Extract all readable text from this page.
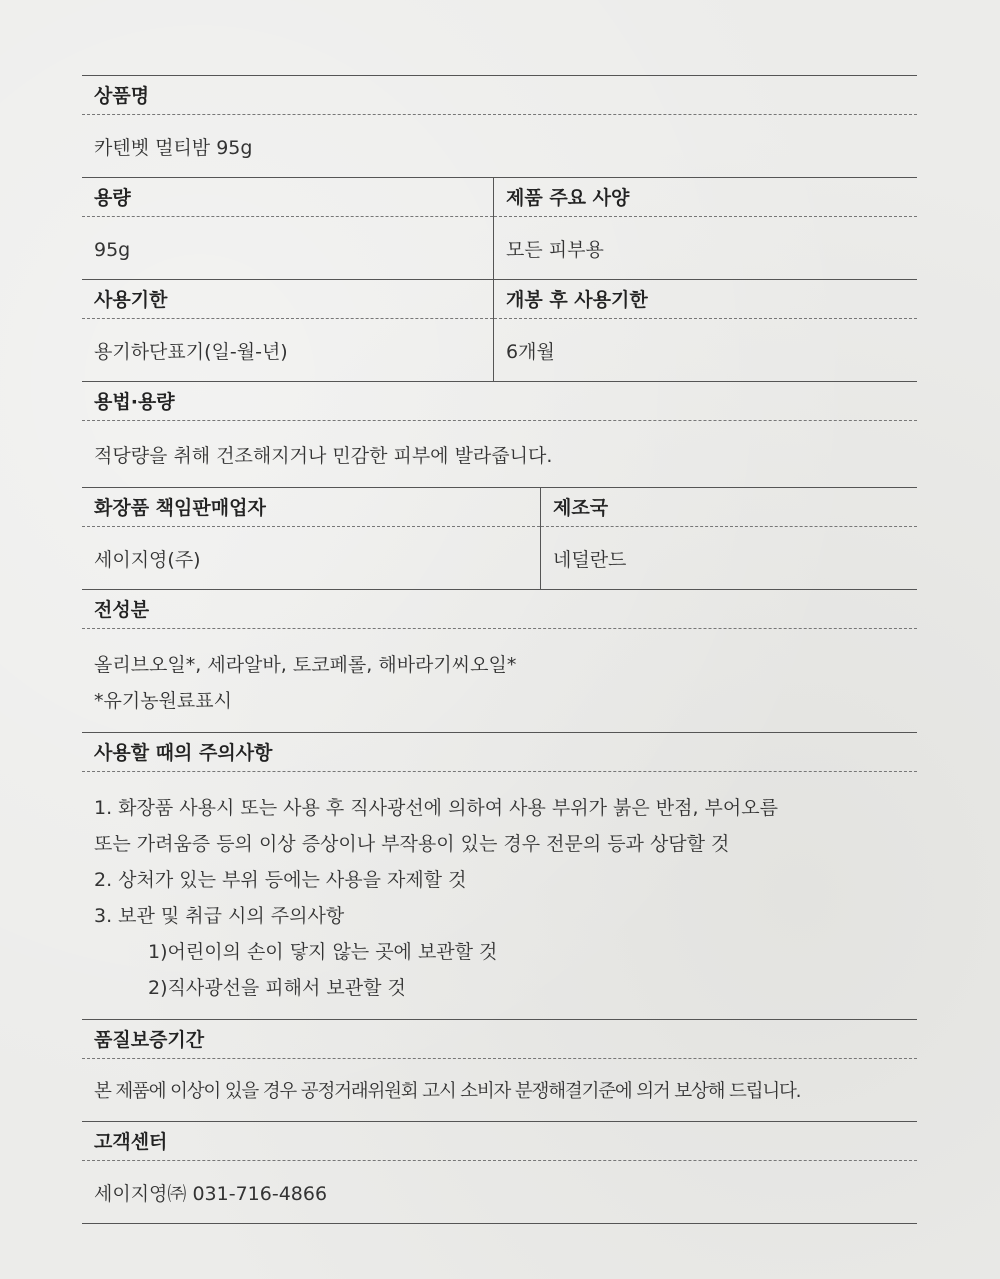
상품명
카텐벳 멀티밤 95g
용량
95g
제품 주요 사양
모든 피부용
사용기한
용기하단표기(일-월-년)
개봉 후 사용기한
6개월
용법·용량
적당량을 취해 건조해지거나 민감한 피부에 발라줍니다.
화장품 책임판매업자
세이지영(주)
제조국
네덜란드
전성분
올리브오일*, 세라알바, 토코페롤, 해바라기씨오일*
*유기농원료표시
사용할 때의 주의사항
1. 화장품 사용시 또는 사용 후 직사광선에 의하여 사용 부위가 붉은 반점, 부어오름
또는 가려움증 등의 이상 증상이나 부작용이 있는 경우 전문의 등과 상담할 것
2. 상처가 있는 부위 등에는 사용을 자제할 것
3. 보관 및 취급 시의 주의사항
1)어린이의 손이 닿지 않는 곳에 보관할 것
2)직사광선을 피해서 보관할 것
품질보증기간
본 제품에 이상이 있을 경우 공정거래위원회 고시 소비자 분쟁해결기준에 의거 보상해 드립니다.
고객센터
세이지영㈜ 031-716-4866
